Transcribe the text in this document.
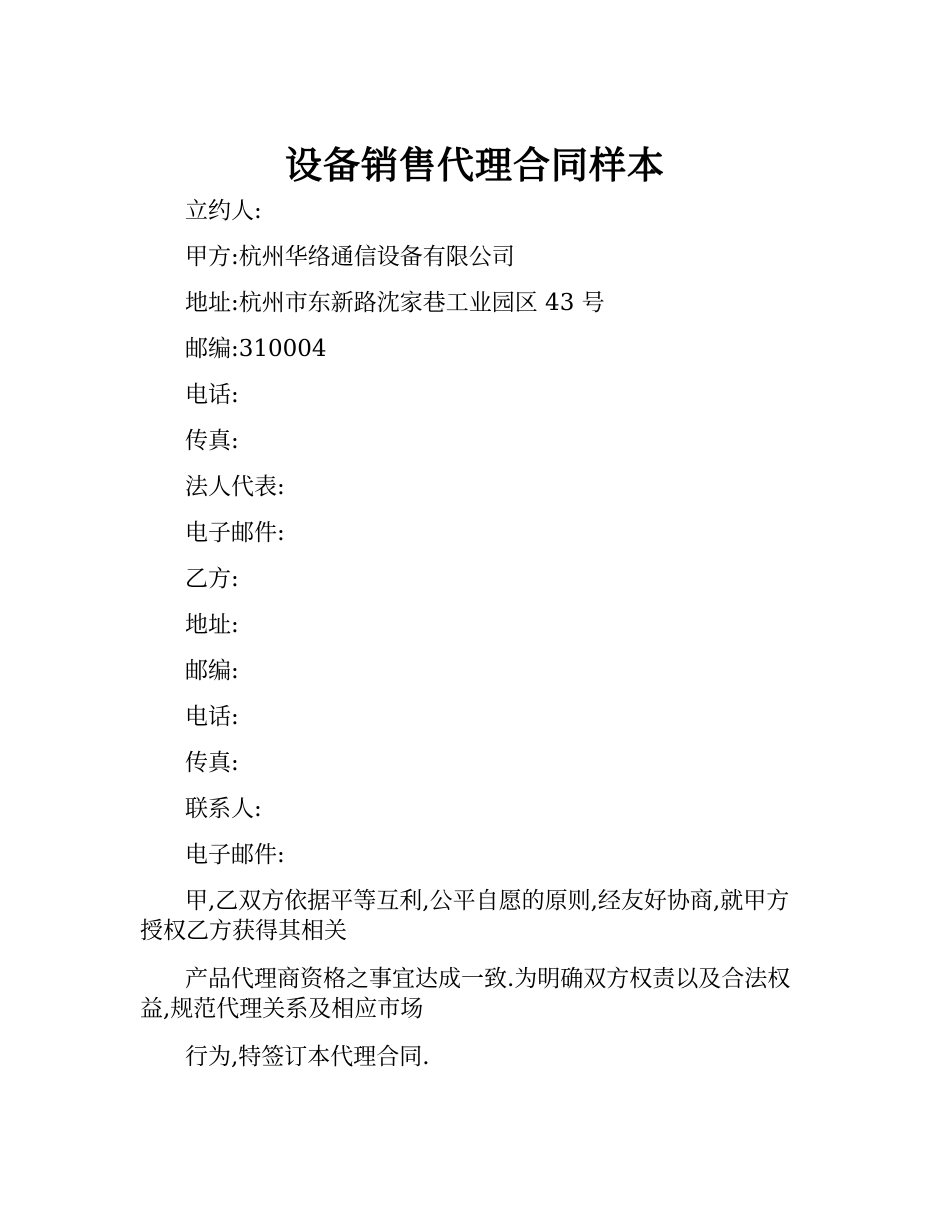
设备销售代理合同样本
立约人:
甲方:杭州华络通信设备有限公司
地址:杭州市东新路沈家巷工业园区 43 号
邮编:310004
电话:
传真:
法人代表:
电子邮件:
乙方:
地址:
邮编:
电话:
传真:
联系人:
电子邮件:

甲,乙双方依据平等互利,公平自愿的原则,经友好协商,就甲方授权乙方获得其相关

产品代理商资格之事宜达成一致.为明确双方权责以及合法权益,规范代理关系及相应市场

行为,特签订本代理合同.
